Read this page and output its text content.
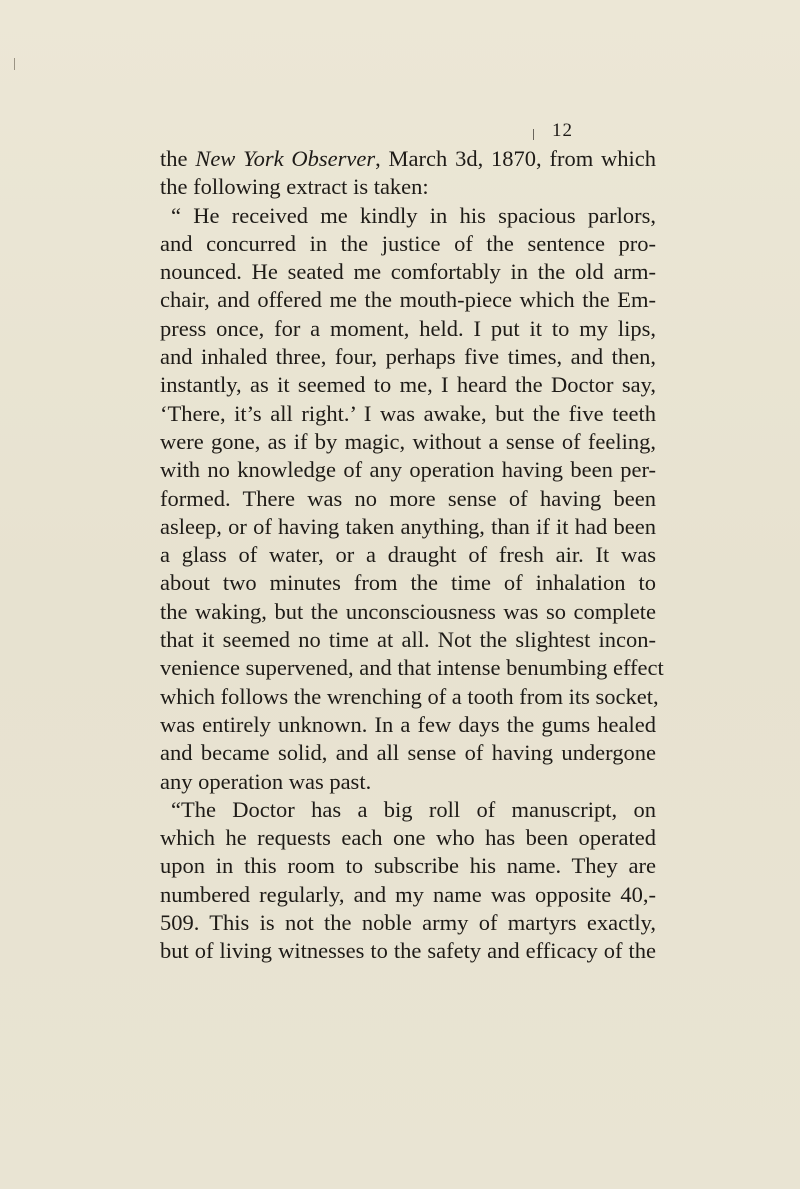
12
the New York Observer, March 3d, 1870, from which
the following extract is taken:
“ He received me kindly in his spacious parlors,
and concurred in the justice of the sentence pro-
nounced. He seated me comfortably in the old arm-
chair, and offered me the mouth-piece which the Em-
press once, for a moment, held. I put it to my lips,
and inhaled three, four, perhaps five times, and then,
instantly, as it seemed to me, I heard the Doctor say,
‘There, it’s all right.’ I was awake, but the five teeth
were gone, as if by magic, without a sense of feeling,
with no knowledge of any operation having been per-
formed. There was no more sense of having been
asleep, or of having taken anything, than if it had been
a glass of water, or a draught of fresh air. It was
about two minutes from the time of inhalation to
the waking, but the unconsciousness was so complete
that it seemed no time at all. Not the slightest incon-
venience supervened, and that intense benumbing effect
which follows the wrenching of a tooth from its socket,
was entirely unknown. In a few days the gums healed
and became solid, and all sense of having undergone
any operation was past.
“The Doctor has a big roll of manuscript, on
which he requests each one who has been operated
upon in this room to subscribe his name. They are
numbered regularly, and my name was opposite 40,-
509. This is not the noble army of martyrs exactly,
but of living witnesses to the safety and efficacy of the
